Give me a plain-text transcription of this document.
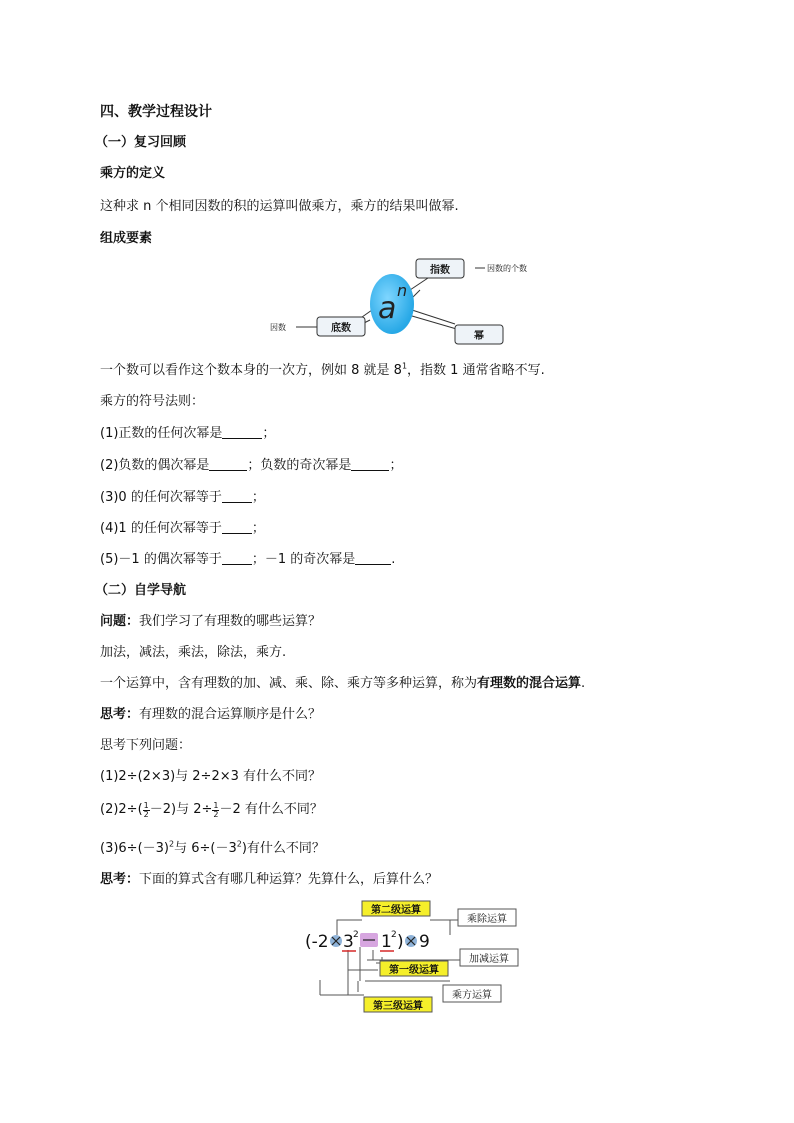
四、教学过程设计
（一）复习回顾
乘方的定义
这种求 n 个相同因数的积的运算叫做乘方，乘方的结果叫做幂.
组成要素
a
n
指数	因数的个数
底数
因数
幂
一个数可以看作这个数本身的一次方，例如 8 就是 $8^1$，指数 1 通常省略不写.
乘方的符号法则：
(1)正数的任何次幂是	；
(2)负数的偶次幂是	；负数的奇次幂是	；
(3)0 的任何次幂等于 ；
(4)1 的任何次幂等于 ；
(5)－1 的偶次幂等于 ；－1 的奇次幂是	.
（二）自学导航
问题：我们学习了有理数的哪些运算？
加法，减法，乘法，除法，乘方.
一个运算中，含有理数的加、减、乘、除、乘方等多种运算，称为有理数的混合运算.
思考：有理数的混合运算顺序是什么？
思考下列问题：
(1)2÷(2×3)与 2÷2×3 有什么不同？
$(2)2\div( \frac{1}{2} -2)$与 $2\div \frac{1}{2} -2$ 有什么不同？
$(3)6\div(-3)^2$与 $6\div(-3^2)$有什么不同？
思考：下面的算式含有哪几种运算？先算什么，后算什么？
第二级运算
第一级运算
第三级运算
乘除运算
加减运算
乘方运算
(-2 3 2 1 2 ) 9
